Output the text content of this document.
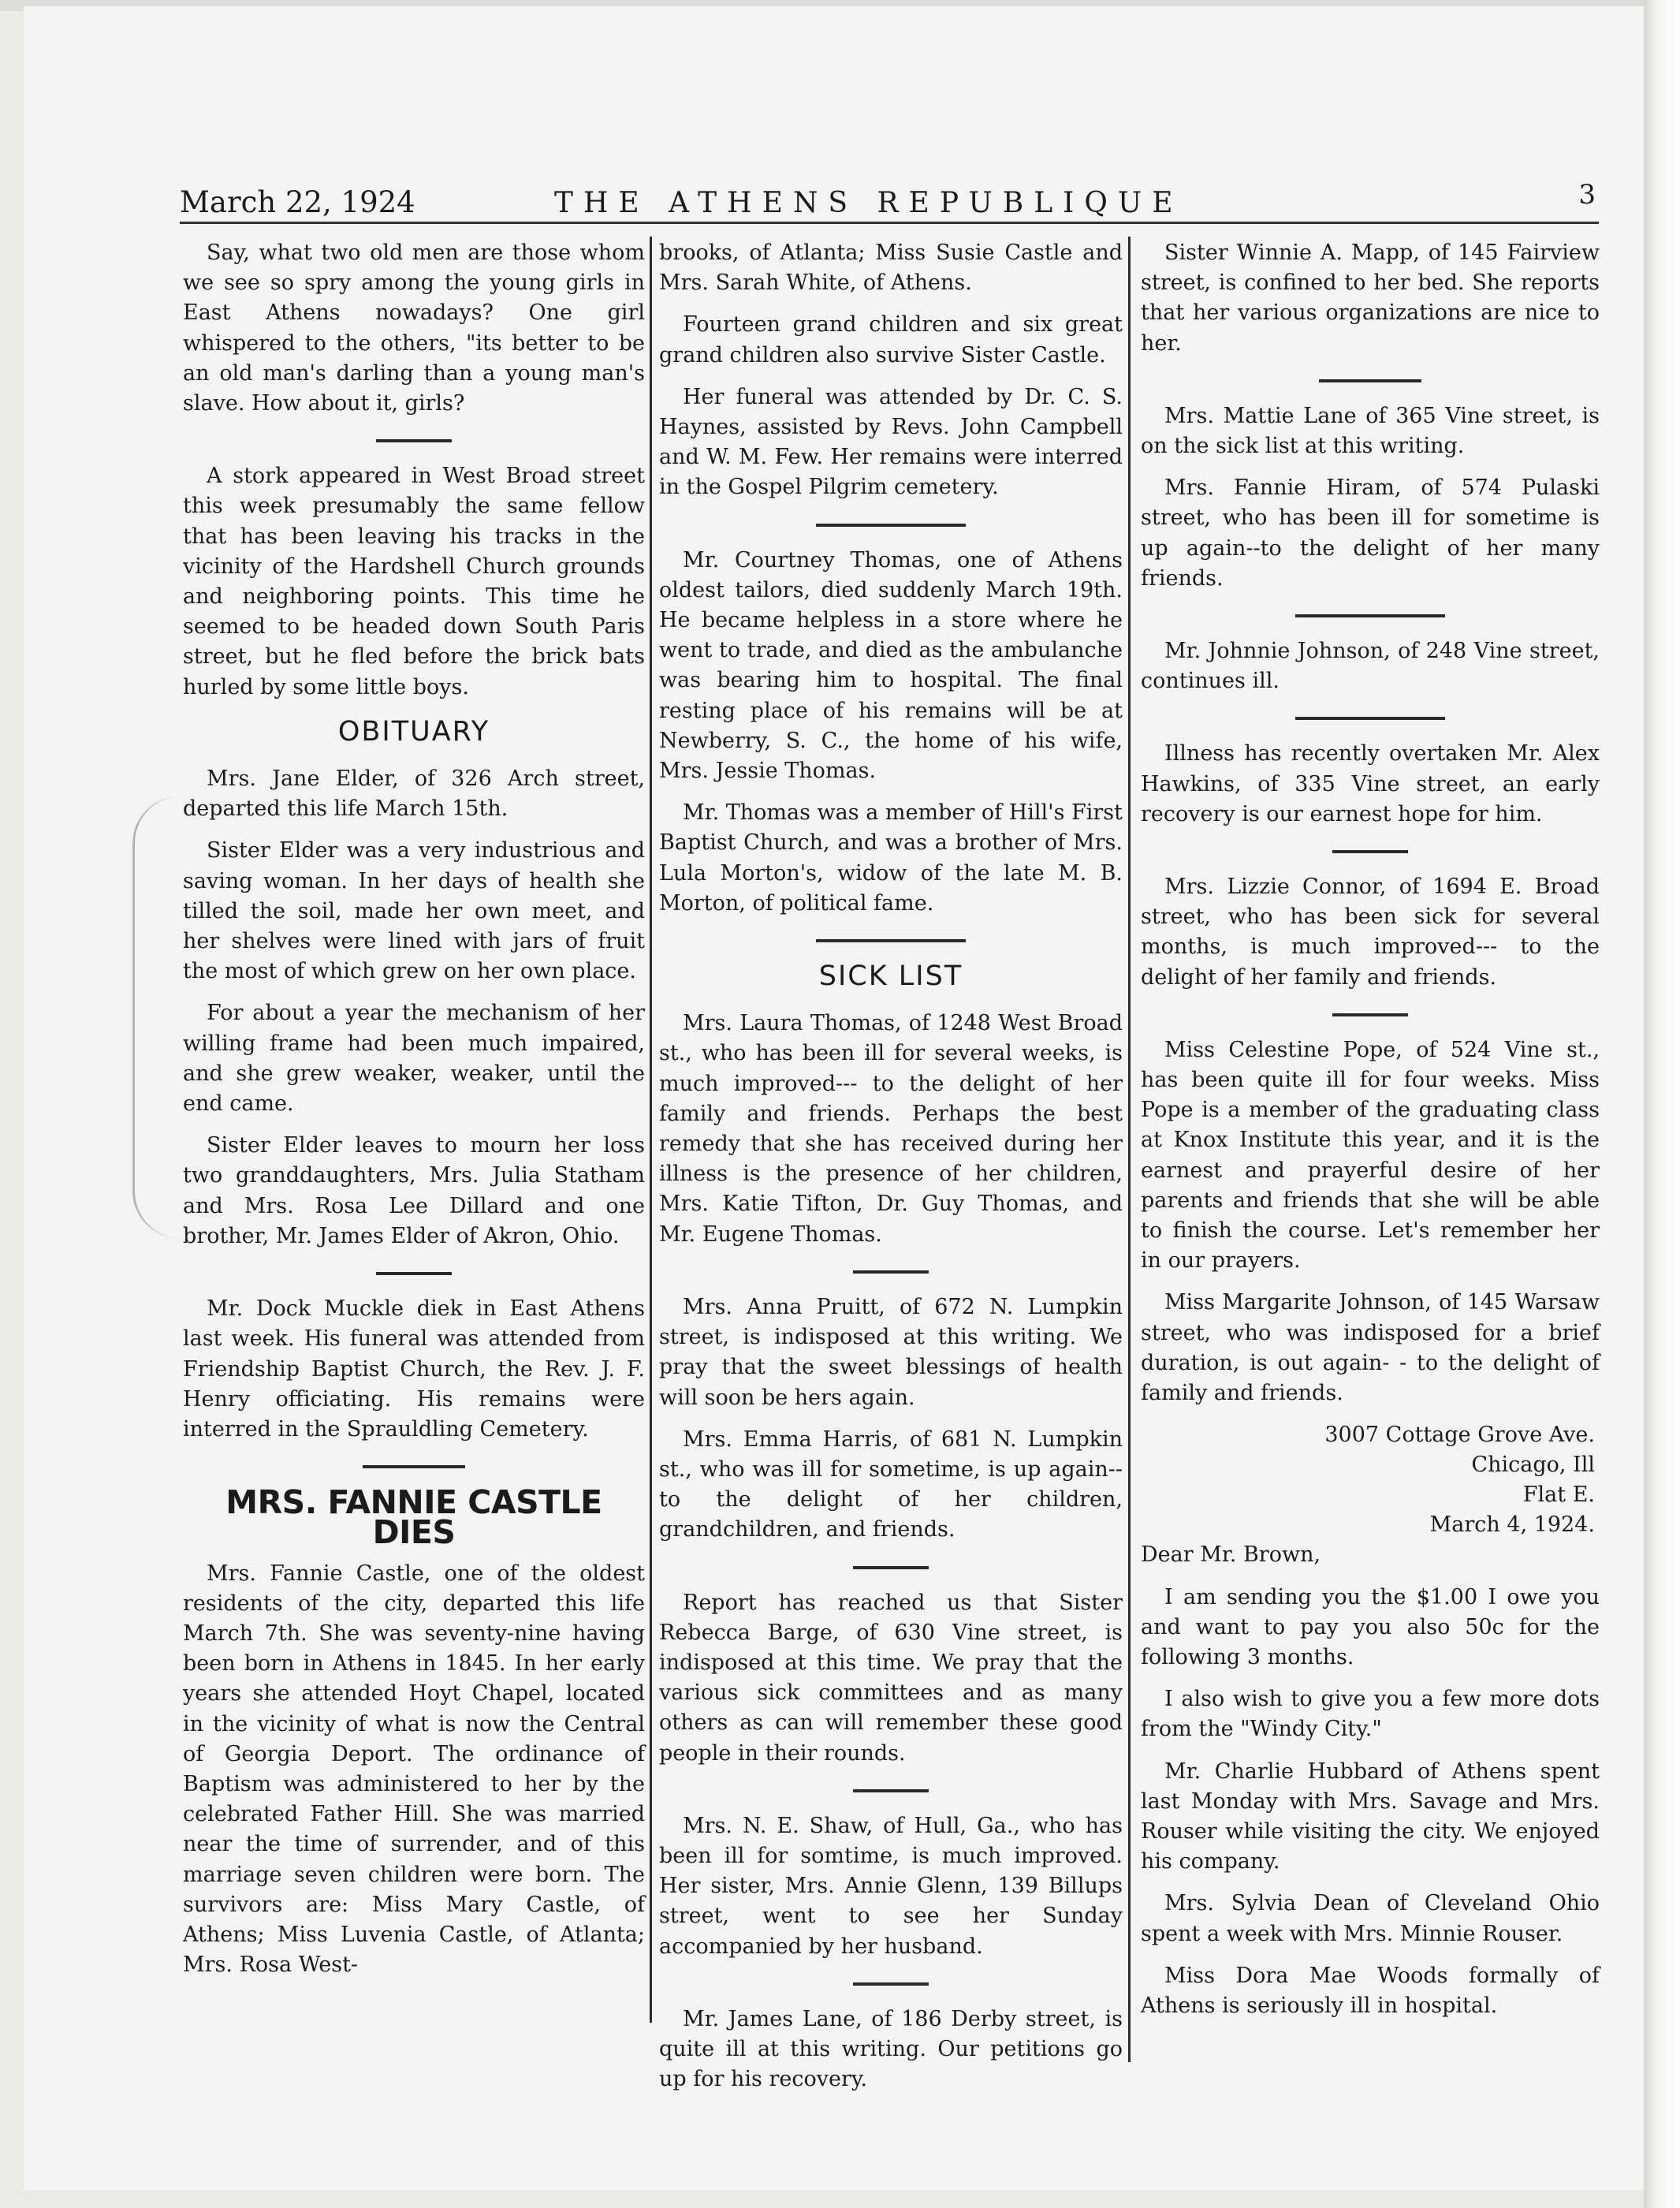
March 22, 1924	THE ATHENS REPUBLIQUE	3

Say, what two old men are those whom we see so spry among the young girls in East Athens nowadays? One girl whispered to the others, "its better to be an old man's darling than a young man's slave. How about it, girls?

A stork appeared in West Broad street this week presumably the same fellow that has been leaving his tracks in the vicinity of the Hardshell Church grounds and neighboring points. This time he seemed to be headed down South Paris street, but he fled before the brick bats hurled by some little boys.

OBITUARY

Mrs. Jane Elder, of 326 Arch street, departed this life March 15th.

Sister Elder was a very industrious and saving woman. In her days of health she tilled the soil, made her own meet, and her shelves were lined with jars of fruit the most of which grew on her own place.

For about a year the mechanism of her willing frame had been much impaired, and she grew weaker, weaker, until the end came.

Sister Elder leaves to mourn her loss two granddaughters, Mrs. Julia Statham and Mrs. Rosa Lee Dillard and one brother, Mr. James Elder of Akron, Ohio.

Mr. Dock Muckle diek in East Athens last week. His funeral was attended from Friendship Baptist Church, the Rev. J. F. Henry officiating. His remains were interred in the Sprauldling Cemetery.

MRS. FANNIE CASTLE DIES

Mrs. Fannie Castle, one of the oldest residents of the city, departed this life March 7th. She was seventy-nine having been born in Athens in 1845. In her early years she attended Hoyt Chapel, located in the vicinity of what is now the Central of Georgia Deport. The ordinance of Baptism was administered to her by the celebrated Father Hill. She was married near the time of surrender, and of this marriage seven children were born. The survivors are: Miss Mary Castle, of Athens; Miss Luvenia Castle, of Atlanta; Mrs. Rosa West-

brooks, of Atlanta; Miss Susie Castle and Mrs. Sarah White, of Athens.

Fourteen grand children and six great grand children also survive Sister Castle.

Her funeral was attended by Dr. C. S. Haynes, assisted by Revs. John Campbell and W. M. Few. Her remains were interred in the Gospel Pilgrim cemetery.

Mr. Courtney Thomas, one of Athens oldest tailors, died suddenly March 19th. He became helpless in a store where he went to trade, and died as the ambulanche was bearing him to hospital. The final resting place of his remains will be at Newberry, S. C., the home of his wife, Mrs. Jessie Thomas.

Mr. Thomas was a member of Hill's First Baptist Church, and was a brother of Mrs. Lula Morton's, widow of the late M. B. Morton, of political fame.

SICK LIST

Mrs. Laura Thomas, of 1248 West Broad st., who has been ill for several weeks, is much improved--- to the delight of her family and friends. Perhaps the best remedy that she has received during her illness is the presence of her children, Mrs. Katie Tifton, Dr. Guy Thomas, and Mr. Eugene Thomas.

Mrs. Anna Pruitt, of 672 N. Lumpkin street, is indisposed at this writing. We pray that the sweet blessings of health will soon be hers again.

Mrs. Emma Harris, of 681 N. Lumpkin st., who was ill for sometime, is up again--to the delight of her children, grandchildren, and friends.

Report has reached us that Sister Rebecca Barge, of 630 Vine street, is indisposed at this time. We pray that the various sick committees and as many others as can will remember these good people in their rounds.

Mrs. N. E. Shaw, of Hull, Ga., who has been ill for somtime, is much improved. Her sister, Mrs. Annie Glenn, 139 Billups street, went to see her Sunday accompanied by her husband.

Mr. James Lane, of 186 Derby street, is quite ill at this writing. Our petitions go up for his recovery.

Sister Winnie A. Mapp, of 145 Fairview street, is confined to her bed. She reports that her various organizations are nice to her.

Mrs. Mattie Lane of 365 Vine street, is on the sick list at this writing.

Mrs. Fannie Hiram, of 574 Pulaski street, who has been ill for sometime is up again--to the delight of her many friends.

Mr. Johnnie Johnson, of 248 Vine street, continues ill.

Illness has recently overtaken Mr. Alex Hawkins, of 335 Vine street, an early recovery is our earnest hope for him.

Mrs. Lizzie Connor, of 1694 E. Broad street, who has been sick for several months, is much improved--- to the delight of her family and friends.

Miss Celestine Pope, of 524 Vine st., has been quite ill for four weeks. Miss Pope is a member of the graduating class at Knox Institute this year, and it is the earnest and prayerful desire of her parents and friends that she will be able to finish the course. Let's remember her in our prayers.

Miss Margarite Johnson, of 145 Warsaw street, who was indisposed for a brief duration, is out again- - to the delight of family and friends.

3007 Cottage Grove Ave.
Chicago, Ill
Flat E.
March 4, 1924.

Dear Mr. Brown,

I am sending you the $1.00 I owe you and want to pay you also 50c for the following 3 months.

I also wish to give you a few more dots from the "Windy City."

Mr. Charlie Hubbard of Athens spent last Monday with Mrs. Savage and Mrs. Rouser while visiting the city. We enjoyed his company.

Mrs. Sylvia Dean of Cleveland Ohio spent a week with Mrs. Minnie Rouser.

Miss Dora Mae Woods formally of Athens is seriously ill in hospital.
